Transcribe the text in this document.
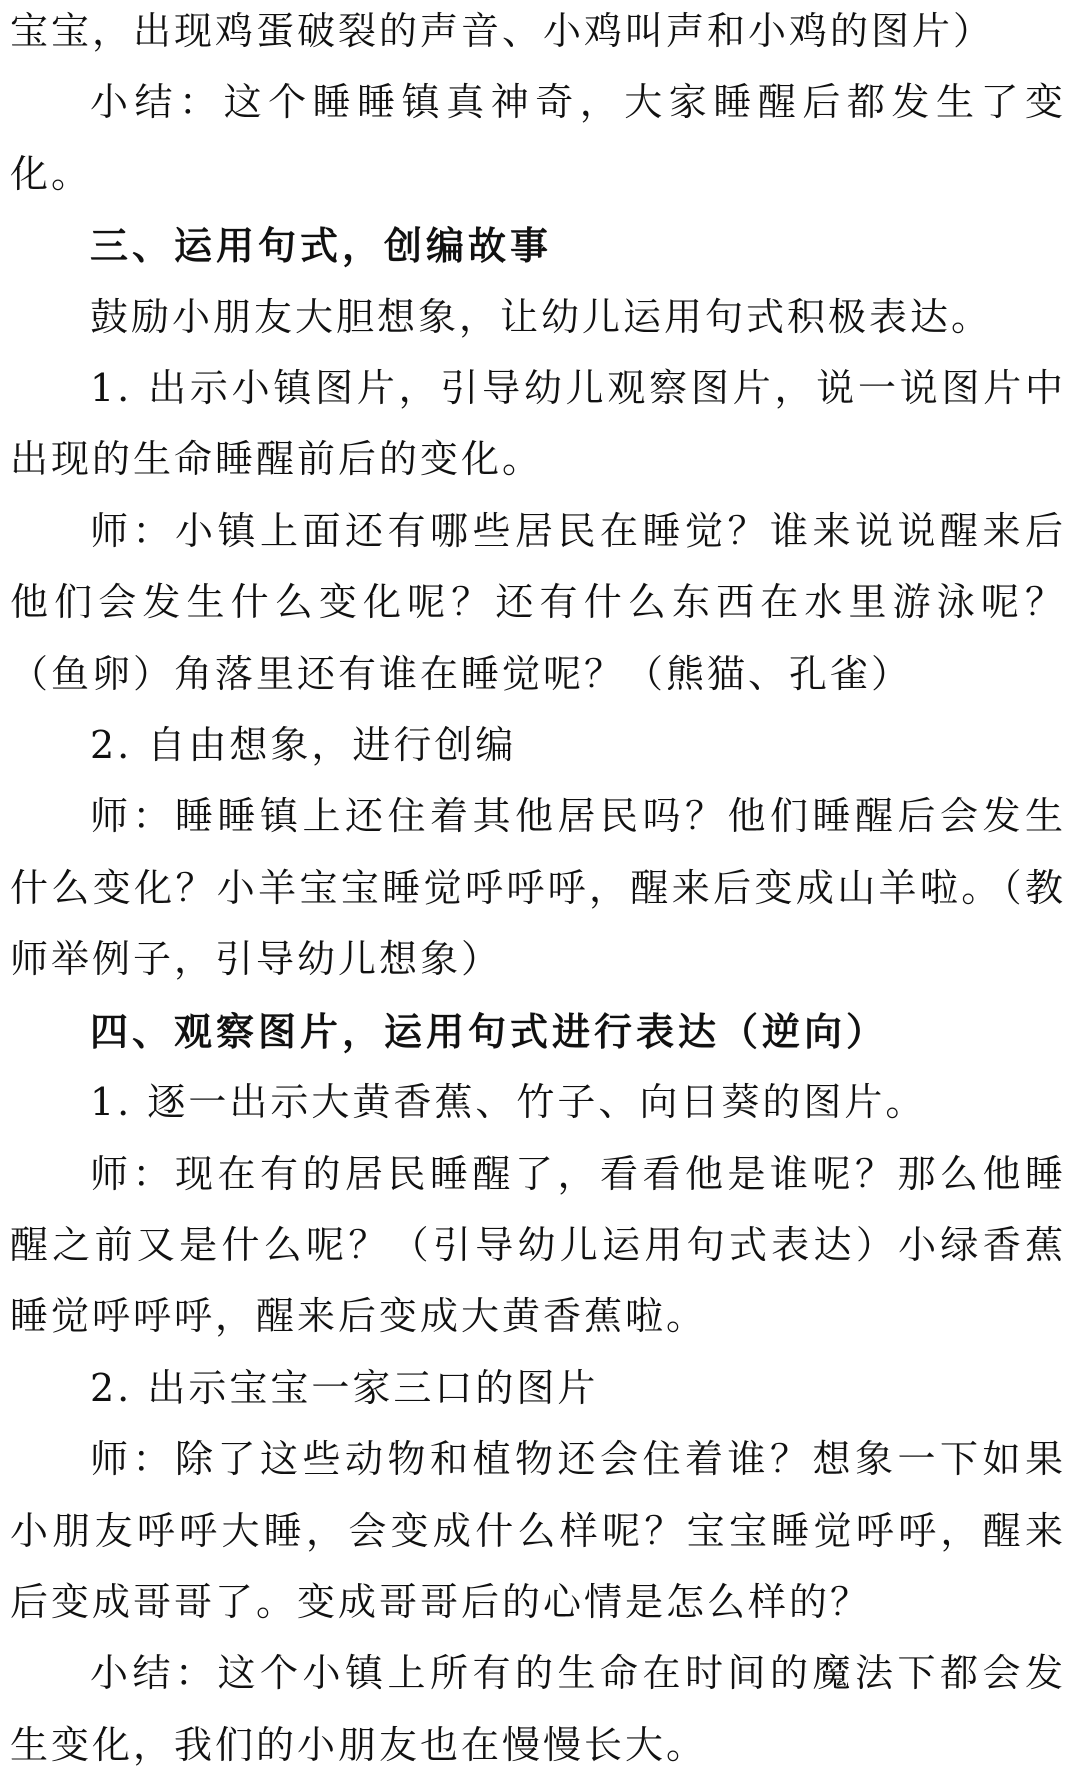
宝宝，出现鸡蛋破裂的声音、小鸡叫声和小鸡的图片）

小结：这个睡睡镇真神奇，大家睡醒后都发生了变化。

三、运用句式，创编故事

鼓励小朋友大胆想象，让幼儿运用句式积极表达。

1. 出示小镇图片，引导幼儿观察图片，说一说图片中出现的生命睡醒前后的变化。

师：小镇上面还有哪些居民在睡觉？谁来说说醒来后他们会发生什么变化呢？还有什么东西在水里游泳呢？（鱼卵）角落里还有谁在睡觉呢？（熊猫、孔雀）

2. 自由想象，进行创编

师：睡睡镇上还住着其他居民吗？他们睡醒后会发生什么变化？小羊宝宝睡觉呼呼呼，醒来后变成山羊啦。（教师举例子，引导幼儿想象）

四、观察图片，运用句式进行表达（逆向）

1. 逐一出示大黄香蕉、竹子、向日葵的图片。

师：现在有的居民睡醒了，看看他是谁呢？那么他睡醒之前又是什么呢？（引导幼儿运用句式表达）小绿香蕉睡觉呼呼呼，醒来后变成大黄香蕉啦。

2. 出示宝宝一家三口的图片

师：除了这些动物和植物还会住着谁？想象一下如果小朋友呼呼大睡，会变成什么样呢？宝宝睡觉呼呼，醒来后变成哥哥了。变成哥哥后的心情是怎么样的？

小结：这个小镇上所有的生命在时间的魔法下都会发生变化，我们的小朋友也在慢慢长大。
